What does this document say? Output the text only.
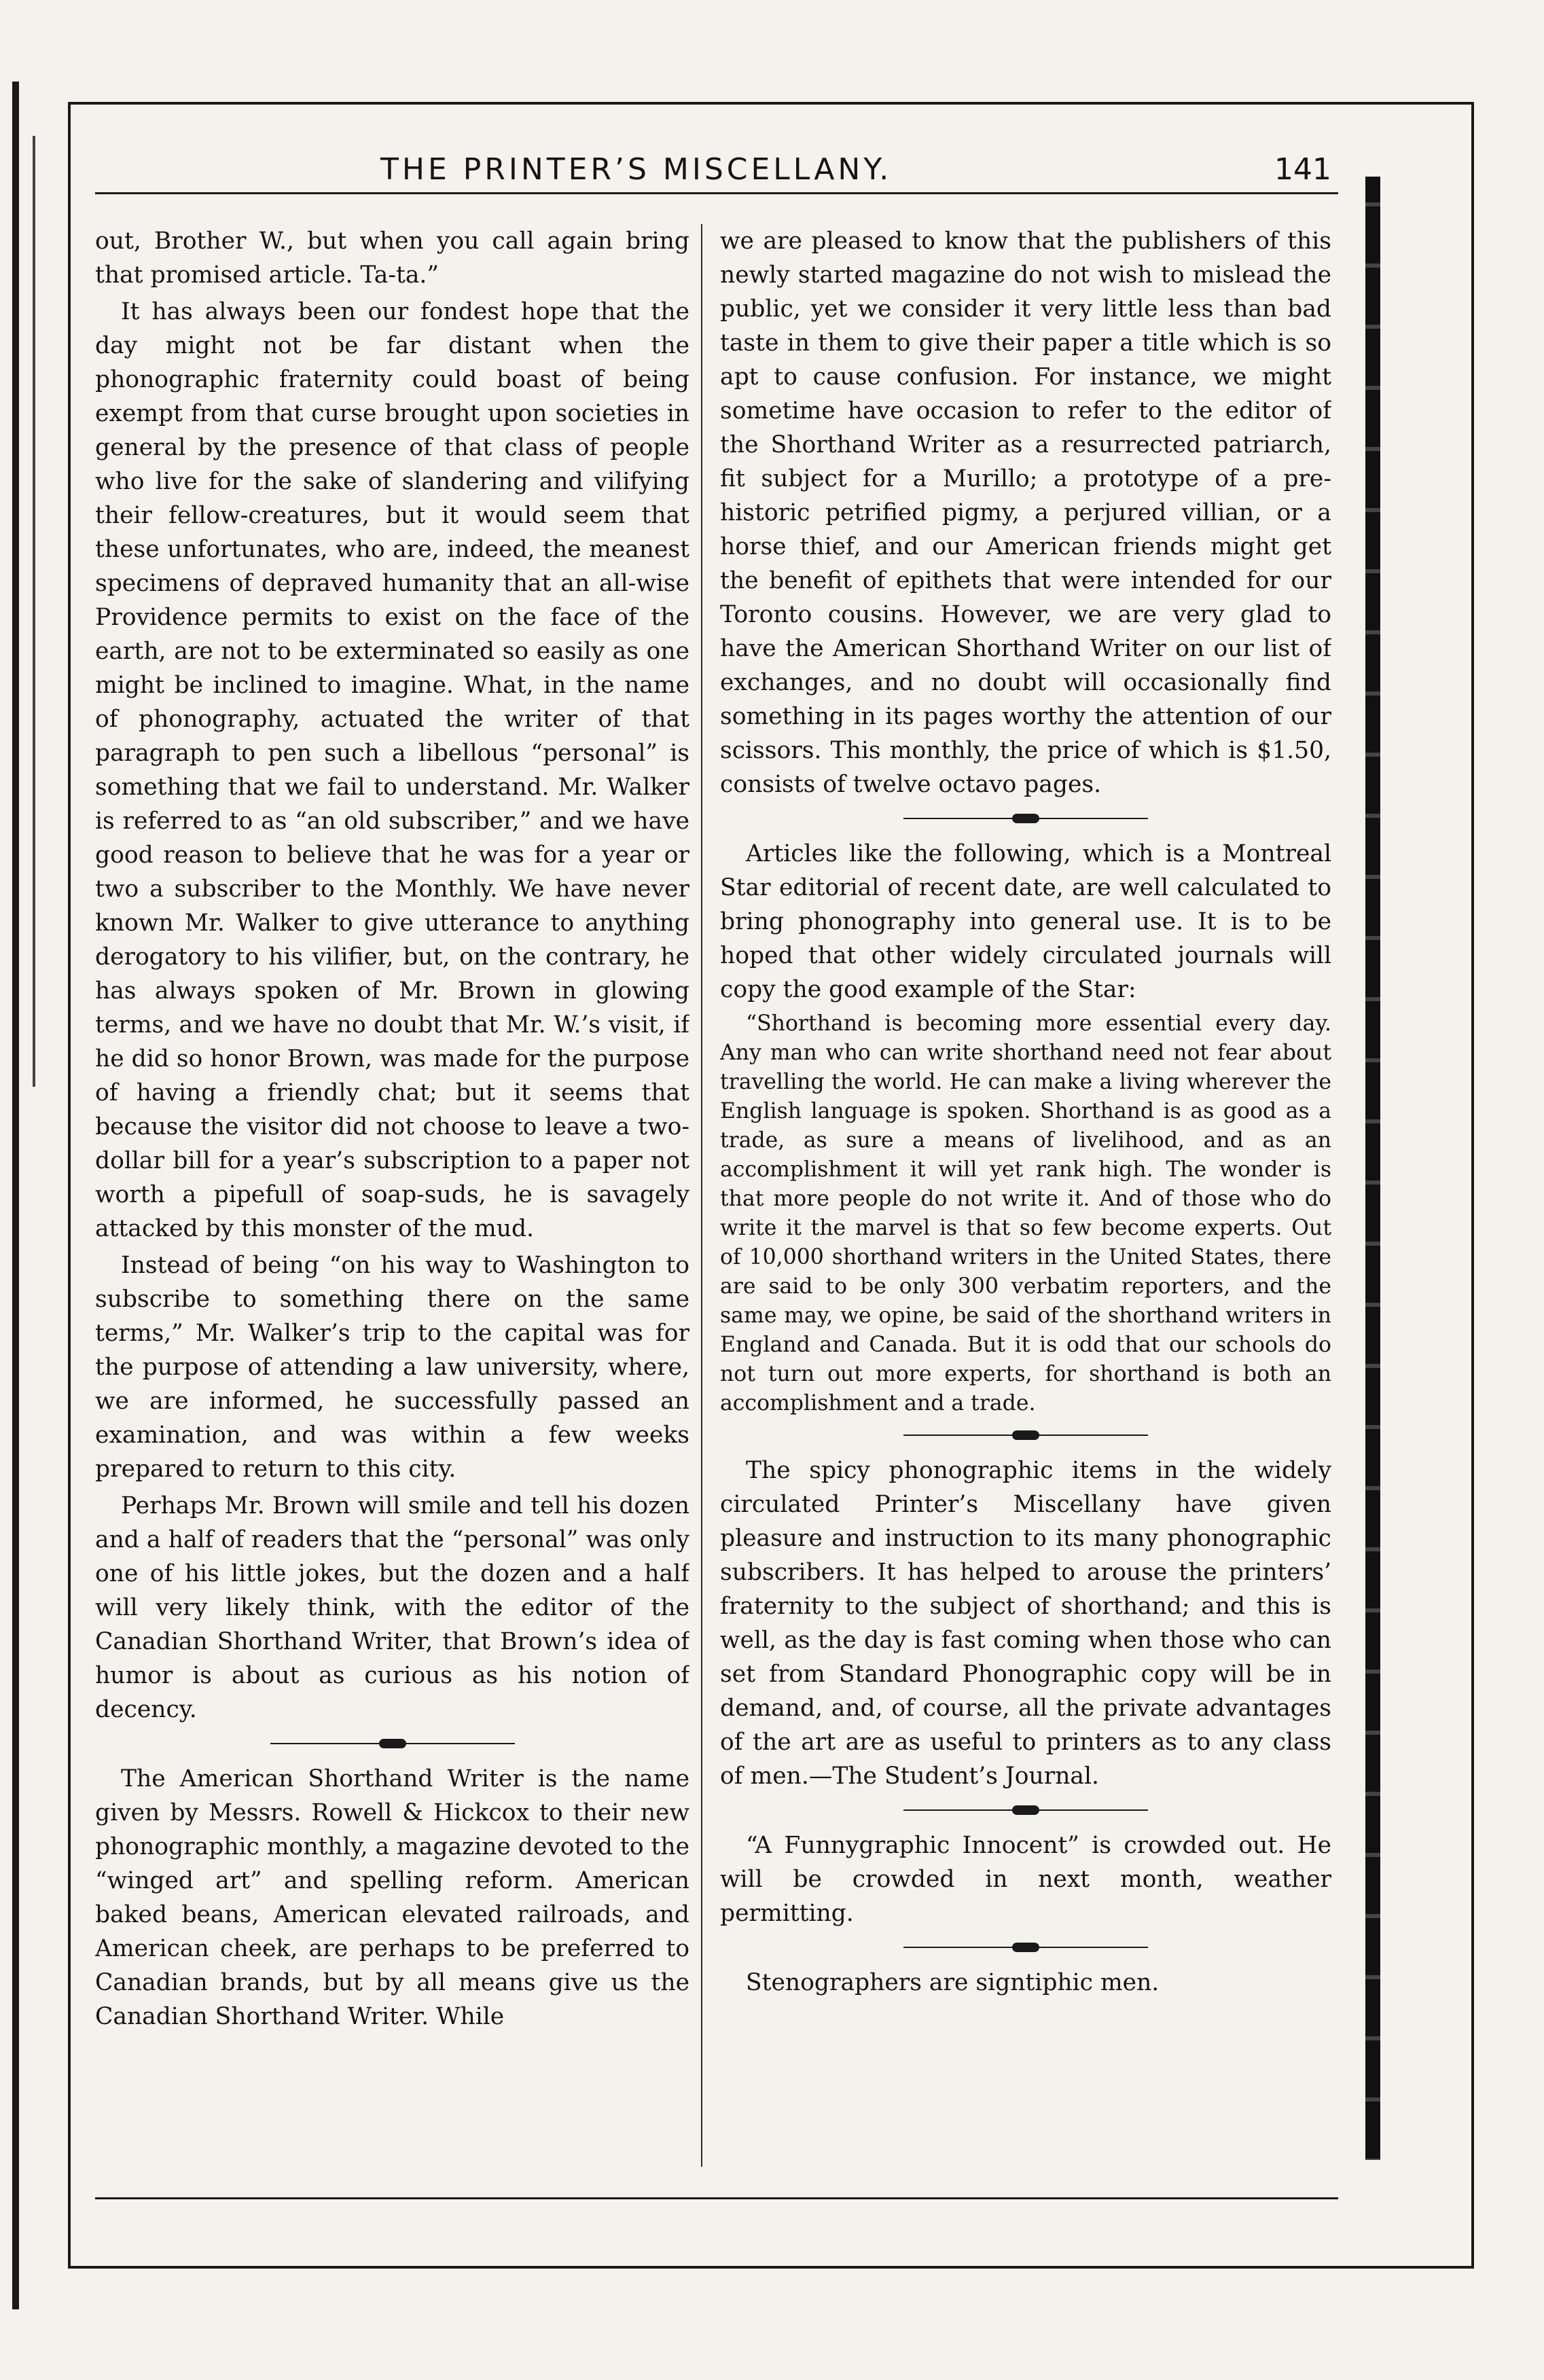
THE PRINTER’S MISCELLANY.	141

out, Brother W., but when you call again bring that promised article. Ta-ta.”

It has always been our fondest hope that the day might not be far distant when the phonographic fraternity could boast of being exempt from that curse brought upon societies in general by the presence of that class of people who live for the sake of slandering and vilifying their fellow-creatures, but it would seem that these unfortunates, who are, indeed, the meanest specimens of depraved humanity that an all-wise Providence permits to exist on the face of the earth, are not to be exterminated so easily as one might be inclined to imagine. What, in the name of phonography, actuated the writer of that paragraph to pen such a libellous “personal” is something that we fail to understand. Mr. Walker is referred to as “an old subscriber,” and we have good reason to believe that he was for a year or two a subscriber to the Monthly. We have never known Mr. Walker to give utterance to anything derogatory to his vilifier, but, on the contrary, he has always spoken of Mr. Brown in glowing terms, and we have no doubt that Mr. W.’s visit, if he did so honor Brown, was made for the purpose of having a friendly chat; but it seems that because the visitor did not choose to leave a two-dollar bill for a year’s subscription to a paper not worth a pipefull of soap-suds, he is savagely attacked by this monster of the mud.

Instead of being “on his way to Washington to subscribe to something there on the same terms,” Mr. Walker’s trip to the capital was for the purpose of attending a law university, where, we are informed, he successfully passed an examination, and was within a few weeks prepared to return to this city.

Perhaps Mr. Brown will smile and tell his dozen and a half of readers that the “personal” was only one of his little jokes, but the dozen and a half will very likely think, with the editor of the Canadian Shorthand Writer, that Brown’s idea of humor is about as curious as his notion of decency.

The American Shorthand Writer is the name given by Messrs. Rowell & Hickcox to their new phonographic monthly, a magazine devoted to the “winged art” and spelling reform. American baked beans, American elevated railroads, and American cheek, are perhaps to be preferred to Canadian brands, but by all means give us the Canadian Shorthand Writer. While

we are pleased to know that the publishers of this newly started magazine do not wish to mislead the public, yet we consider it very little less than bad taste in them to give their paper a title which is so apt to cause confusion. For instance, we might sometime have occasion to refer to the editor of the Shorthand Writer as a resurrected patriarch, fit subject for a Murillo; a prototype of a pre-historic petrified pigmy, a perjured villian, or a horse thief, and our American friends might get the benefit of epithets that were intended for our Toronto cousins. However, we are very glad to have the American Shorthand Writer on our list of exchanges, and no doubt will occasionally find something in its pages worthy the attention of our scissors. This monthly, the price of which is $1.50, consists of twelve octavo pages.

Articles like the following, which is a Montreal Star editorial of recent date, are well calculated to bring phonography into general use. It is to be hoped that other widely circulated journals will copy the good example of the Star:

“Shorthand is becoming more essential every day. Any man who can write shorthand need not fear about travelling the world. He can make a living wherever the English language is spoken. Shorthand is as good as a trade, as sure a means of livelihood, and as an accomplishment it will yet rank high. The wonder is that more people do not write it. And of those who do write it the marvel is that so few become experts. Out of 10,000 shorthand writers in the United States, there are said to be only 300 verbatim reporters, and the same may, we opine, be said of the shorthand writers in England and Canada. But it is odd that our schools do not turn out more experts, for shorthand is both an accomplishment and a trade.

The spicy phonographic items in the widely circulated Printer’s Miscellany have given pleasure and instruction to its many phonographic subscribers. It has helped to arouse the printers’ fraternity to the subject of shorthand; and this is well, as the day is fast coming when those who can set from Standard Phonographic copy will be in demand, and, of course, all the private advantages of the art are as useful to printers as to any class of men.—The Student’s Journal.

“A Funnygraphic Innocent” is crowded out. He will be crowded in next month, weather permitting.

Stenographers are signtiphic men.
